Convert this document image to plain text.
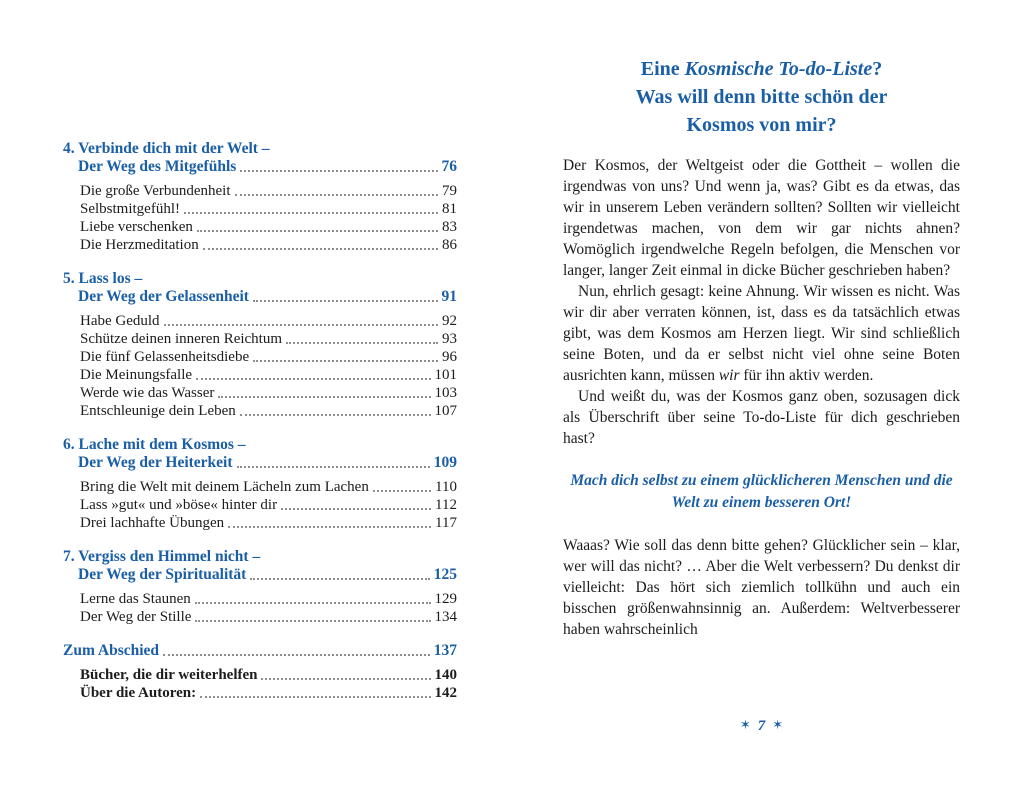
4. Verbinde dich mit der Welt –
Der Weg des Mitgefühls	76
Die große Verbundenheit	79
Selbstmitgefühl!	81
Liebe verschenken	83
Die Herzmeditation	86
5. Lass los –
Der Weg der Gelassenheit	91
Habe Geduld	92
Schütze deinen inneren Reichtum	93
Die fünf Gelassenheitsdiebe	96
Die Meinungsfalle	101
Werde wie das Wasser	103
Entschleunige dein Leben	107
6. Lache mit dem Kosmos –
Der Weg der Heiterkeit	109
Bring die Welt mit deinem Lächeln zum Lachen	110
Lass »gut« und »böse« hinter dir	112
Drei lachhafte Übungen	117
7. Vergiss den Himmel nicht –
Der Weg der Spiritualität	125
Lerne das Staunen	129
Der Weg der Stille	134
Zum Abschied	137
Bücher, die dir weiterhelfen	140
Über die Autoren:	142
Eine Kosmische To-do-Liste?
Was will denn bitte schön der
Kosmos von mir?

Der Kosmos, der Weltgeist oder die Gottheit – wollen die irgendwas von uns? Und wenn ja, was? Gibt es da etwas, das wir in unserem Leben verändern sollten? Sollten wir vielleicht irgendetwas machen, von dem wir gar nichts ahnen? Womöglich irgendwelche Regeln befolgen, die Menschen vor langer, langer Zeit einmal in dicke Bücher geschrieben haben?

Nun, ehrlich gesagt: keine Ahnung. Wir wissen es nicht. Was wir dir aber verraten können, ist, dass es da tatsächlich etwas gibt, was dem Kosmos am Herzen liegt. Wir sind schließlich seine Boten, und da er selbst nicht viel ohne seine Boten ausrichten kann, müssen wir für ihn aktiv werden.

Und weißt du, was der Kosmos ganz oben, sozusagen dick als Überschrift über seine To-do-Liste für dich geschrieben hast?

Mach dich selbst zu einem glücklicheren Menschen und die Welt zu einem besseren Ort!

Waaas? Wie soll das denn bitte gehen? Glücklicher sein – klar, wer will das nicht? … Aber die Welt verbessern? Du denkst dir vielleicht: Das hört sich ziemlich tollkühn und auch ein bisschen größenwahnsinnig an. Außerdem: Weltverbesserer haben wahrscheinlich

✶ 7 ✶
